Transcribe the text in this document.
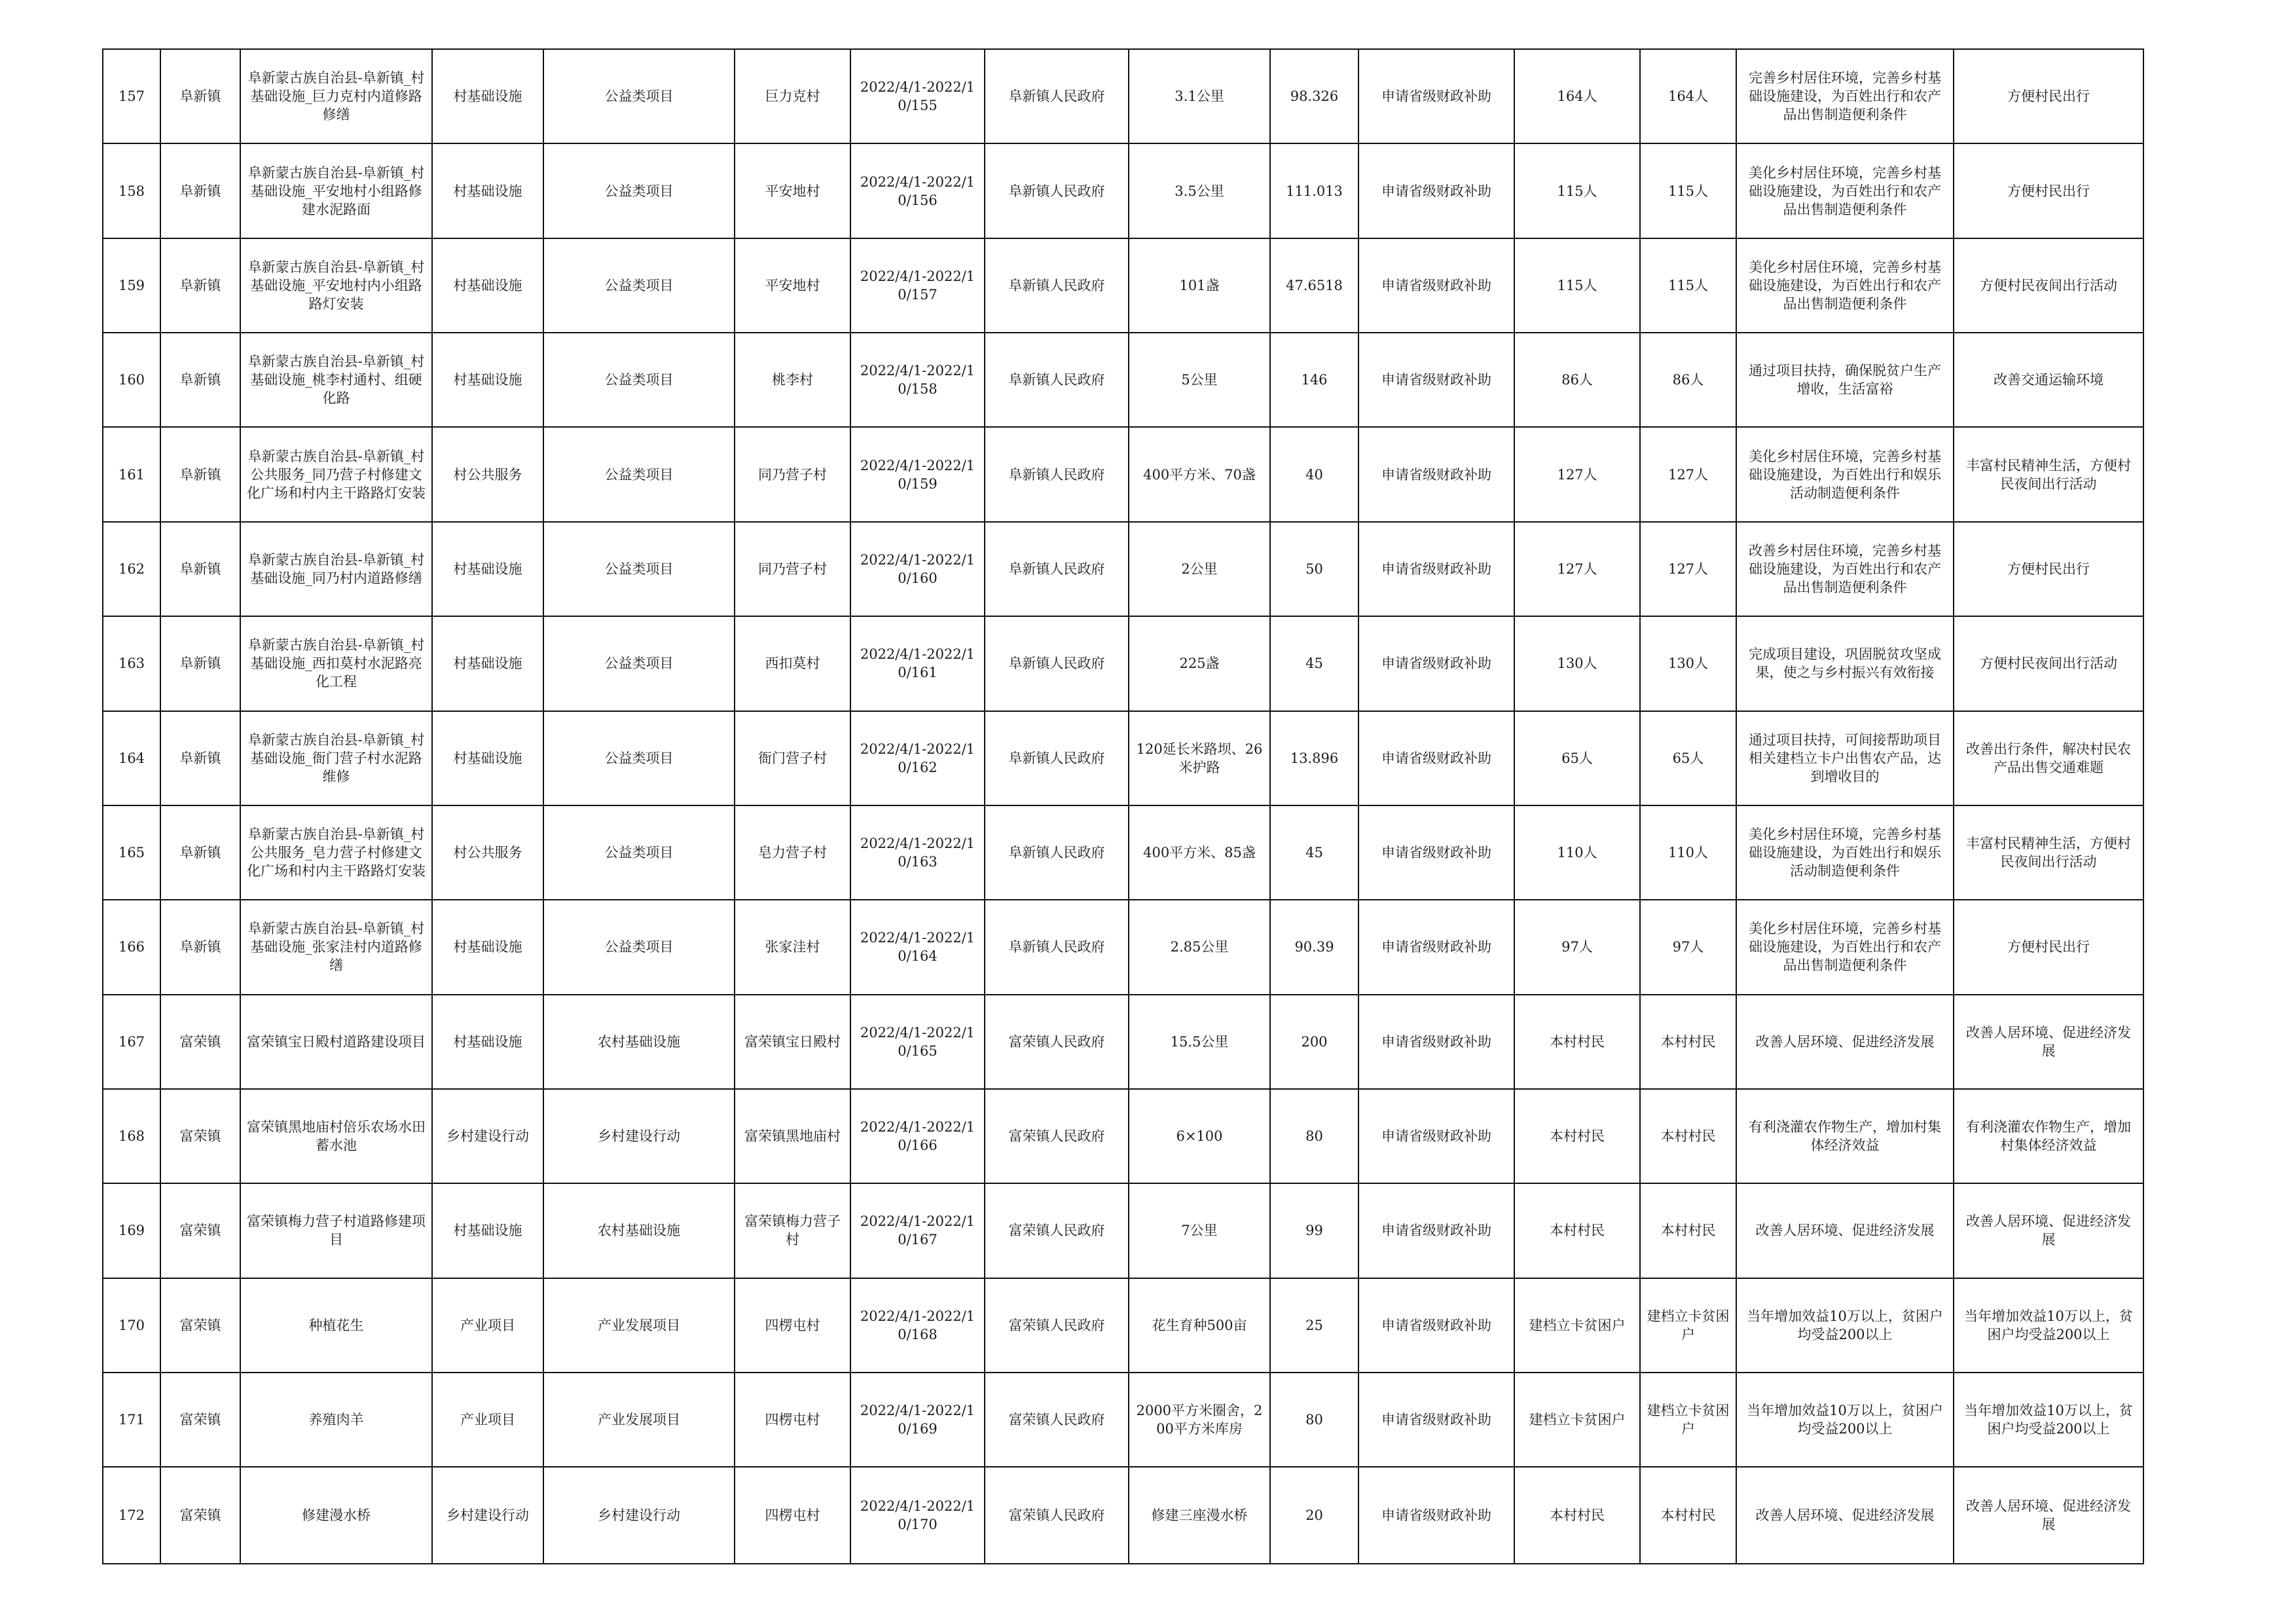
157	阜新镇	阜新蒙古族自治县-阜新镇_村基础设施_巨力克村内道修路修缮	村基础设施	公益类项目	巨力克村	2022/4/1-2022/10/155	阜新镇人民政府	3.1公里	98.326	申请省级财政补助	164人	164人	完善乡村居住环境，完善乡村基础设施建设，为百姓出行和农产品出售制造便利条件	方便村民出行
158	阜新镇	阜新蒙古族自治县-阜新镇_村基础设施_平安地村小组路修建水泥路面	村基础设施	公益类项目	平安地村	2022/4/1-2022/10/156	阜新镇人民政府	3.5公里	111.013	申请省级财政补助	115人	115人	美化乡村居住环境，完善乡村基础设施建设，为百姓出行和农产品出售制造便利条件	方便村民出行
159	阜新镇	阜新蒙古族自治县-阜新镇_村基础设施_平安地村内小组路路灯安装	村基础设施	公益类项目	平安地村	2022/4/1-2022/10/157	阜新镇人民政府	101盏	47.6518	申请省级财政补助	115人	115人	美化乡村居住环境，完善乡村基础设施建设，为百姓出行和农产品出售制造便利条件	方便村民夜间出行活动
160	阜新镇	阜新蒙古族自治县-阜新镇_村基础设施_桃李村通村、组硬化路	村基础设施	公益类项目	桃李村	2022/4/1-2022/10/158	阜新镇人民政府	5公里	146	申请省级财政补助	86人	86人	通过项目扶持，确保脱贫户生产增收，生活富裕	改善交通运输环境
161	阜新镇	阜新蒙古族自治县-阜新镇_村公共服务_同乃营子村修建文化广场和村内主干路路灯安装	村公共服务	公益类项目	同乃营子村	2022/4/1-2022/10/159	阜新镇人民政府	400平方米、70盏	40	申请省级财政补助	127人	127人	美化乡村居住环境，完善乡村基础设施建设，为百姓出行和娱乐活动制造便利条件	丰富村民精神生活，方便村民夜间出行活动
162	阜新镇	阜新蒙古族自治县-阜新镇_村基础设施_同乃村内道路修缮	村基础设施	公益类项目	同乃营子村	2022/4/1-2022/10/160	阜新镇人民政府	2公里	50	申请省级财政补助	127人	127人	改善乡村居住环境，完善乡村基础设施建设，为百姓出行和农产品出售制造便利条件	方便村民出行
163	阜新镇	阜新蒙古族自治县-阜新镇_村基础设施_西扣莫村水泥路亮化工程	村基础设施	公益类项目	西扣莫村	2022/4/1-2022/10/161	阜新镇人民政府	225盏	45	申请省级财政补助	130人	130人	完成项目建设，巩固脱贫攻坚成果，使之与乡村振兴有效衔接	方便村民夜间出行活动
164	阜新镇	阜新蒙古族自治县-阜新镇_村基础设施_衙门营子村水泥路维修	村基础设施	公益类项目	衙门营子村	2022/4/1-2022/10/162	阜新镇人民政府	120延长米路坝、26米护路	13.896	申请省级财政补助	65人	65人	通过项目扶持，可间接帮助项目相关建档立卡户出售农产品，达到增收目的	改善出行条件，解决村民农产品出售交通难题
165	阜新镇	阜新蒙古族自治县-阜新镇_村公共服务_皂力营子村修建文化广场和村内主干路路灯安装	村公共服务	公益类项目	皂力营子村	2022/4/1-2022/10/163	阜新镇人民政府	400平方米、85盏	45	申请省级财政补助	110人	110人	美化乡村居住环境，完善乡村基础设施建设，为百姓出行和娱乐活动制造便利条件	丰富村民精神生活，方便村民夜间出行活动
166	阜新镇	阜新蒙古族自治县-阜新镇_村基础设施_张家洼村内道路修缮	村基础设施	公益类项目	张家洼村	2022/4/1-2022/10/164	阜新镇人民政府	2.85公里	90.39	申请省级财政补助	97人	97人	美化乡村居住环境，完善乡村基础设施建设，为百姓出行和农产品出售制造便利条件	方便村民出行
167	富荣镇	富荣镇宝日殿村道路建设项目	村基础设施	农村基础设施	富荣镇宝日殿村	2022/4/1-2022/10/165	富荣镇人民政府	15.5公里	200	申请省级财政补助	本村村民	本村村民	改善人居环境、促进经济发展	改善人居环境、促进经济发展
168	富荣镇	富荣镇黑地庙村倍乐农场水田蓄水池	乡村建设行动	乡村建设行动	富荣镇黑地庙村	2022/4/1-2022/10/166	富荣镇人民政府	6×100	80	申请省级财政补助	本村村民	本村村民	有利浇灌农作物生产，增加村集体经济效益	有利浇灌农作物生产，增加村集体经济效益
169	富荣镇	富荣镇梅力营子村道路修建项目	村基础设施	农村基础设施	富荣镇梅力营子村	2022/4/1-2022/10/167	富荣镇人民政府	7公里	99	申请省级财政补助	本村村民	本村村民	改善人居环境、促进经济发展	改善人居环境、促进经济发展
170	富荣镇	种植花生	产业项目	产业发展项目	四楞屯村	2022/4/1-2022/10/168	富荣镇人民政府	花生育种500亩	25	申请省级财政补助	建档立卡贫困户	建档立卡贫困户	当年增加效益10万以上，贫困户均受益200以上	当年增加效益10万以上，贫困户均受益200以上
171	富荣镇	养殖肉羊	产业项目	产业发展项目	四楞屯村	2022/4/1-2022/10/169	富荣镇人民政府	2000平方米圈舍，200平方米库房	80	申请省级财政补助	建档立卡贫困户	建档立卡贫困户	当年增加效益10万以上，贫困户均受益200以上	当年增加效益10万以上，贫困户均受益200以上
172	富荣镇	修建漫水桥	乡村建设行动	乡村建设行动	四楞屯村	2022/4/1-2022/10/170	富荣镇人民政府	修建三座漫水桥	20	申请省级财政补助	本村村民	本村村民	改善人居环境、促进经济发展	改善人居环境、促进经济发展
